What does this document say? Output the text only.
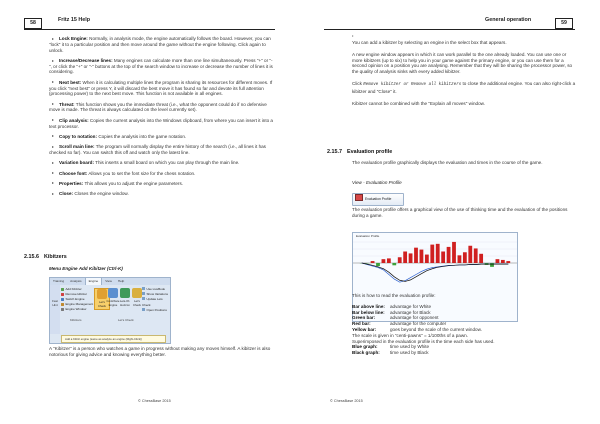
58	Fritz 15 Help

Lock Engine: Normally, in analysis mode, the engine automatically follows the board. However, you can "lock" it to a particular position and then move around the game without the engine following. Click again to unlock.

Increase/Decrease lines: Many engines can calculate more than one line simultaneously. Press "+" or "-", or click the "+" or "-" buttons at the top of the search window to increase or decrease the number of lines it is considering.

Next best: When it is calculating multiple lines the program is sharing its resources for different moves. If you click "next best" or press Y, it will discard the best move it has found so far and devote its full attention (processing power) to the next best move. This function is not available in all engines.

Threat: This function shows you the immediate threat (i.e., what the opponent could do if no defensive move is made. The threat is always calculated on the level currently set).

Clip analysis: Copies the current analysis into the Windows clipboard, from where you can insert it into a text processor.

Copy to notation: Copies the analysis into the game notation.

Scroll main line: The program will normally display the entire history of the search (i.e., all lines it has checked so far). You can switch this off and watch only the latest line.

Variation board: This inserts a small board on which you can play through the main line.

Choose font: Allows you to set the font size for the chess notation.

Properties: This allows you to adjust the engine parameters.

Close: Closes the engine window.

2.15.6 Kibitzers
Menu Engine Add Kibitzer (Ctrl-K)
Training	Analysis	Engine	View	Help
Fast Hint
Add Kibitzer
Remove kibitzer
Switch Engine
Engine Management
Engine Window
Let's Check
Contribute Engine
Lets-Of-Horizon
Let's Check
Kibitzers	Let's Check
Use LiveBook
Show Variations
Update Lets Check
Open Positions
Add a Kibitz engine (same as analyze an engine (Right-Click))

A "Kibitzer" is a person who watches a game in progress without making any moves himself. A kibitzer is also notorious for giving advice and knowing everything better.

© ChessBase 2015
General operation	59
•

You can add a kibitzer by selecting an engine in the select box that appears.

A new engine window appears in which it can work parallel to the one already loaded. You can use one or more kibitzers (up to six) to help you in your game against the primary engine, or you can use them for a second opinion on a position you are analysing. Remember that they will be sharing the processor power, so the quality of analysis sinks with every added kibitzer.

Click Remove kibitzer or Remove all kibitzers to close the additional engine. You can also right-click a kibitzer and "Close" it.

Kibitzer cannot be combined with the "Explain all moves" window.

2.15.7 Evaluation profile

The evaluation profile graphically displays the evaluation and times in the course of the game.

View - Evaluation Profile

The evaluation profile offers a graphical view of the use of thinking time and the evaluation of the positions during a game.

© ChessBase 2015
Evaluation Profile
Evaluation Profile
This is how to read the evaluation profile:
Bar above line: advantage for White
Bar below line: advantage for Black
Green bar:	advantage for opponent
Red bar:	advantage for the computer
Yellow bar:	goes beyond the scale of the current window.
The scale is given in "centi-pawns" = 1/100ths of a pawn.
Superimposed in the evaluation profile is the time each side has used.
Blue graph:	time used by White
Black graph: time used by Black
